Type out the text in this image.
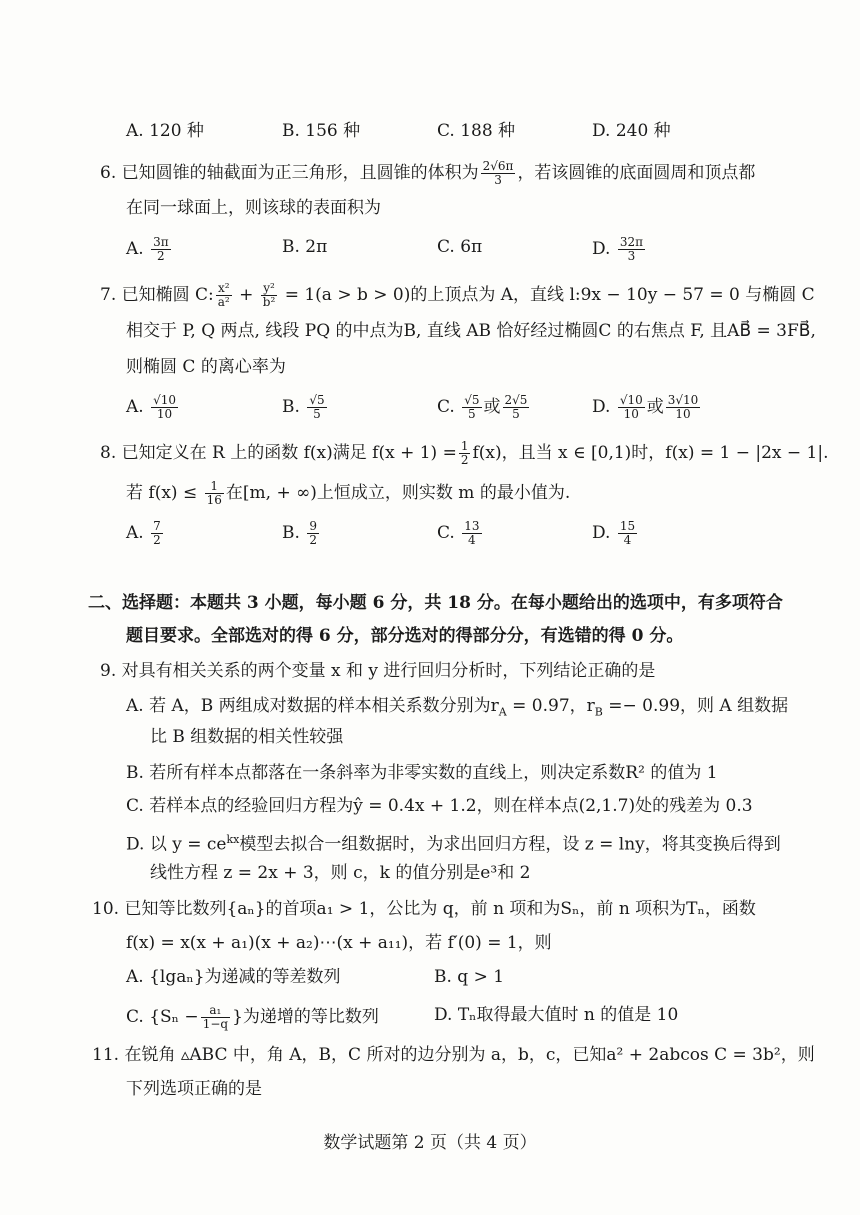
A. 120 种	B. 156 种	C. 188 种	D. 240 种
6. 已知圆锥的轴截面为正三角形，且圆锥的体积为 $\frac{2√6\pi}{3}$ ，若该圆锥的底面圆周和顶点都
在同一球面上，则该球的表面积为
A. $\frac{3\pi}{2}$	B. 2π	C. 6π	D. $\frac{32\pi}{3}$
7. 已知椭圆 C: $\frac{\text{x²}}{\text{a²}} + \frac{\text{y²}}{\text{b²}} = 1(a > b > 0)$的上顶点为 A，直线 l:9x − 10y − 57 = 0 与椭圆 C
相交于 P, Q 两点, 线段 PQ 的中点为B, 直线 AB 恰好经过椭圆C 的右焦点 F, 且AB⃗ = 3FB⃗,
则椭圆 C 的离心率为
A. $\frac{√10}{10}$	B. $\frac{√5}{5}$	C. $\frac{√5}{5}$ 或 $\frac{2√5}{5}$	D. $\frac{√10}{10}$ 或 $\frac{3√10}{10}$
8. 已知定义在 R 上的函数 f(x)满足 $f(x + 1) = \frac{1}{2} f(x)$，且当 x ∈ [0,1)时，f(x) = 1 − |2x − 1|.
若 $f(x) \le \frac{1}{16}$ 在[m, + ∞)上恒成立，则实数 m 的最小值为.
A. $\frac{7}{2}$	B. $\frac{9}{2}$	C. $\frac{13}{4}$	D. $\frac{15}{4}$
二、选择题：本题共 3 小题，每小题 6 分，共 18 分。在每小题给出的选项中，有多项符合
题目要求。全部选对的得 6 分，部分选对的得部分分，有选错的得 0 分。
9. 对具有相关关系的两个变量 x 和 y 进行回归分析时，下列结论正确的是
A. 若 A，B 两组成对数据的样本相关系数分别为$r_A = 0.97$，$r_B =- 0.99$，则 A 组数据
比 B 组数据的相关性较强
B. 若所有样本点都落在一条斜率为非零实数的直线上，则决定系数R² 的值为 1
C. 若样本点的经验回归方程为ŷ = 0.4x + 1.2，则在样本点(2,1.7)处的残差为 0.3
D. 以 $y = ce^{kx}$模型去拟合一组数据时，为求出回归方程，设 z = lny，将其变换后得到
线性方程 z = 2x + 3，则 c，k 的值分别是e³和 2
10. 已知等比数列{aₙ}的首项a₁ > 1，公比为 q，前 n 项和为Sₙ，前 n 项积为Tₙ，函数
f(x) = x(x + a₁)(x + a₂)⋯(x + a₁₁)，若 f′(0) = 1，则
A. {lgaₙ}为递减的等差数列	B. q > 1
C. {$S_n - \frac{\text{a₁}}{1-q}$ }为递增的等比数列	D. Tₙ取得最大值时 n 的值是 10
11. 在锐角 ▵ABC 中，角 A，B，C 所对的边分别为 a，b，c，已知a² + 2abcos C = 3b²，则
下列选项正确的是
数学试题第 2 页（共 4 页）
